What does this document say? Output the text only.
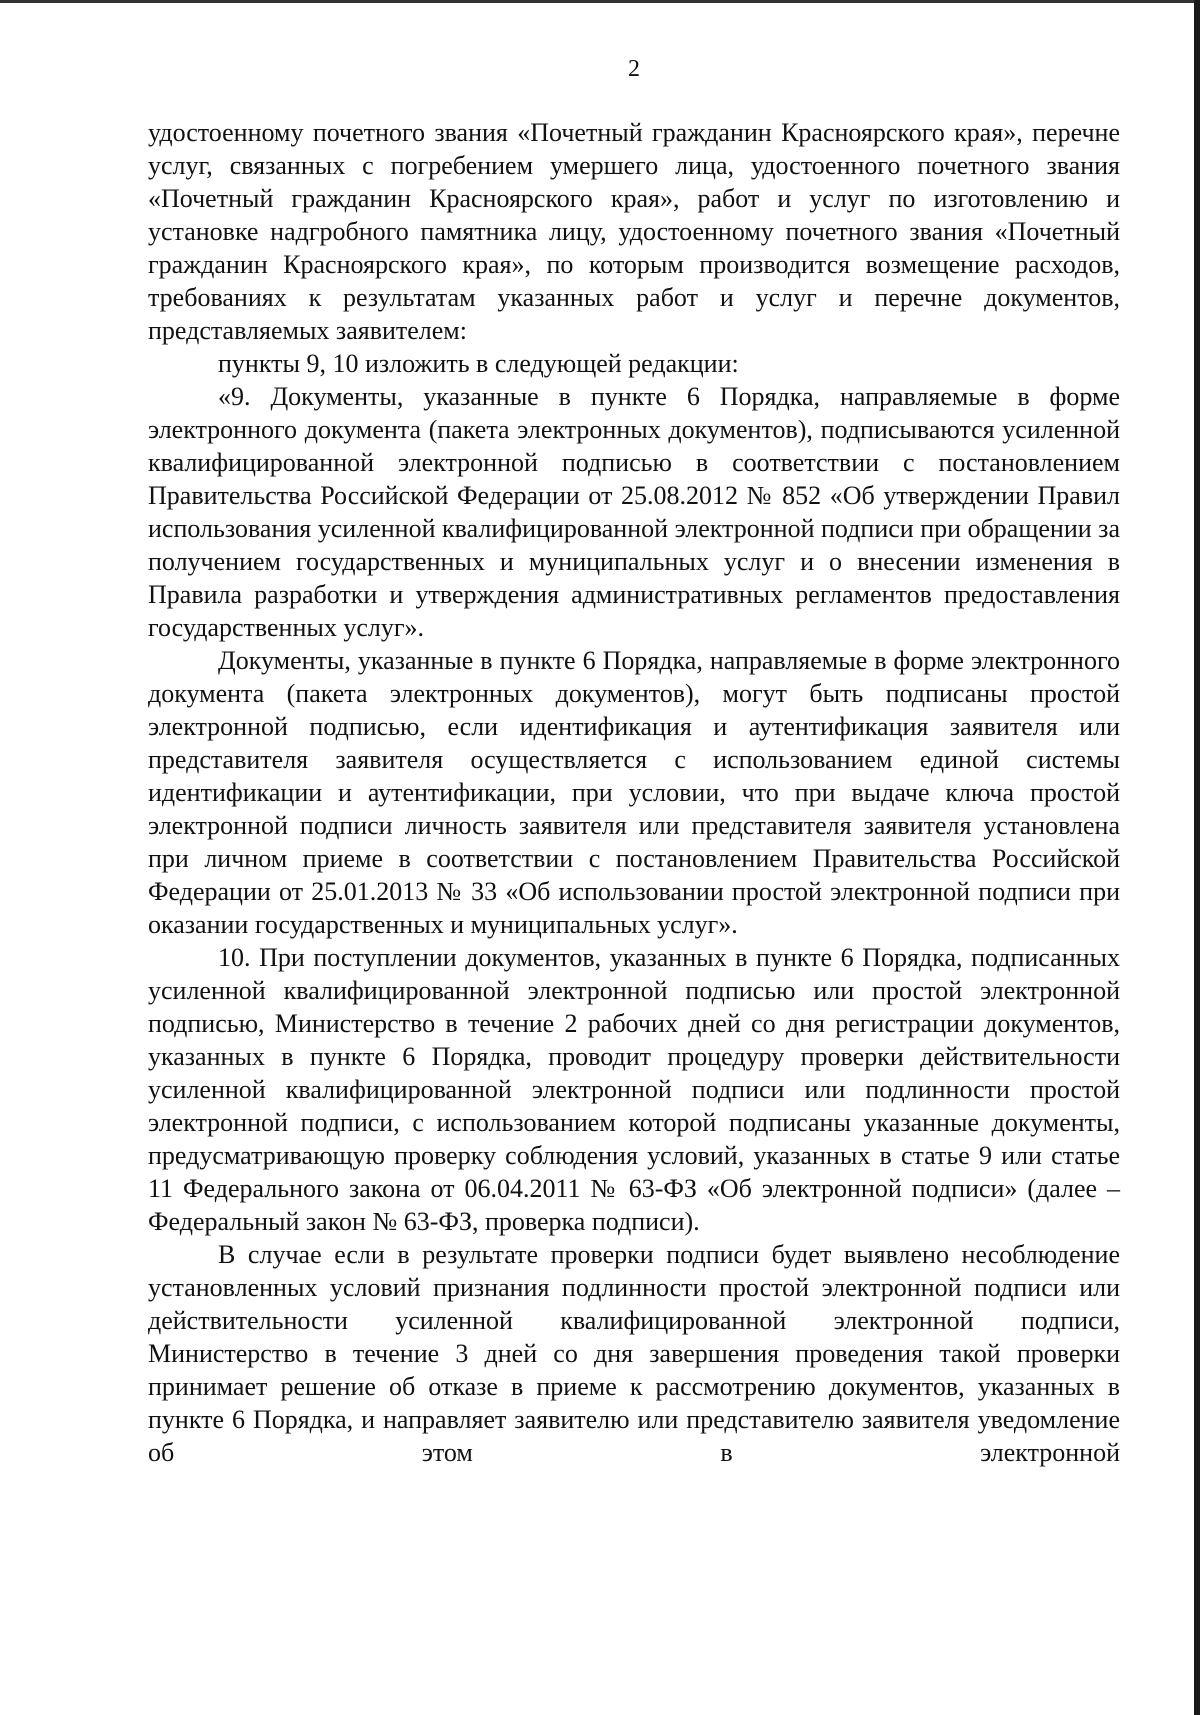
2

удостоенному почетного звания «Почетный гражданин Красноярского края», перечне услуг, связанных с погребением умершего лица, удостоенного почетного звания «Почетный гражданин Красноярского края», работ и услуг по изготовлению и установке надгробного памятника лицу, удостоенному почетного звания «Почетный гражданин Красноярского края», по которым производится возмещение расходов, требованиях к результатам указанных работ и услуг и перечне документов, представляемых заявителем:

пункты 9, 10 изложить в следующей редакции:

«9. Документы, указанные в пункте 6 Порядка, направляемые в форме электронного документа (пакета электронных документов), подписываются усиленной квалифицированной электронной подписью в соответствии с постановлением Правительства Российской Федерации от 25.08.2012 № 852 «Об утверждении Правил использования усиленной квалифицированной электронной подписи при обращении за получением государственных и муниципальных услуг и о внесении изменения в Правила разработки и утверждения административных регламентов предоставления государственных услуг».

Документы, указанные в пункте 6 Порядка, направляемые в форме электронного документа (пакета электронных документов), могут быть подписаны простой электронной подписью, если идентификация и аутентификация заявителя или представителя заявителя осуществляется с использованием единой системы идентификации и аутентификации, при условии, что при выдаче ключа простой электронной подписи личность заявителя или представителя заявителя установлена при личном приеме в соответствии с постановлением Правительства Российской Федерации от 25.01.2013 № 33 «Об использовании простой электронной подписи при оказании государственных и муниципальных услуг».

10. При поступлении документов, указанных в пункте 6 Порядка, подписанных усиленной квалифицированной электронной подписью или простой электронной подписью, Министерство в течение 2 рабочих дней со дня регистрации документов, указанных в пункте 6 Порядка, проводит процедуру проверки действительности усиленной квалифицированной электронной подписи или подлинности простой электронной подписи, с использованием которой подписаны указанные документы, предусматривающую проверку соблюдения условий, указанных в статье 9 или статье 11 Федерального закона от 06.04.2011 № 63-ФЗ «Об электронной подписи» (далее – Федеральный закон № 63-ФЗ, проверка подписи).

В случае если в результате проверки подписи будет выявлено несоблюдение установленных условий признания подлинности простой электронной подписи или действительности усиленной квалифицированной электронной подписи, Министерство в течение 3 дней со дня завершения проведения такой проверки принимает решение об отказе в приеме к рассмотрению документов, указанных в пункте 6 Порядка, и направляет заявителю или представителю заявителя уведомление об этом в электронной
